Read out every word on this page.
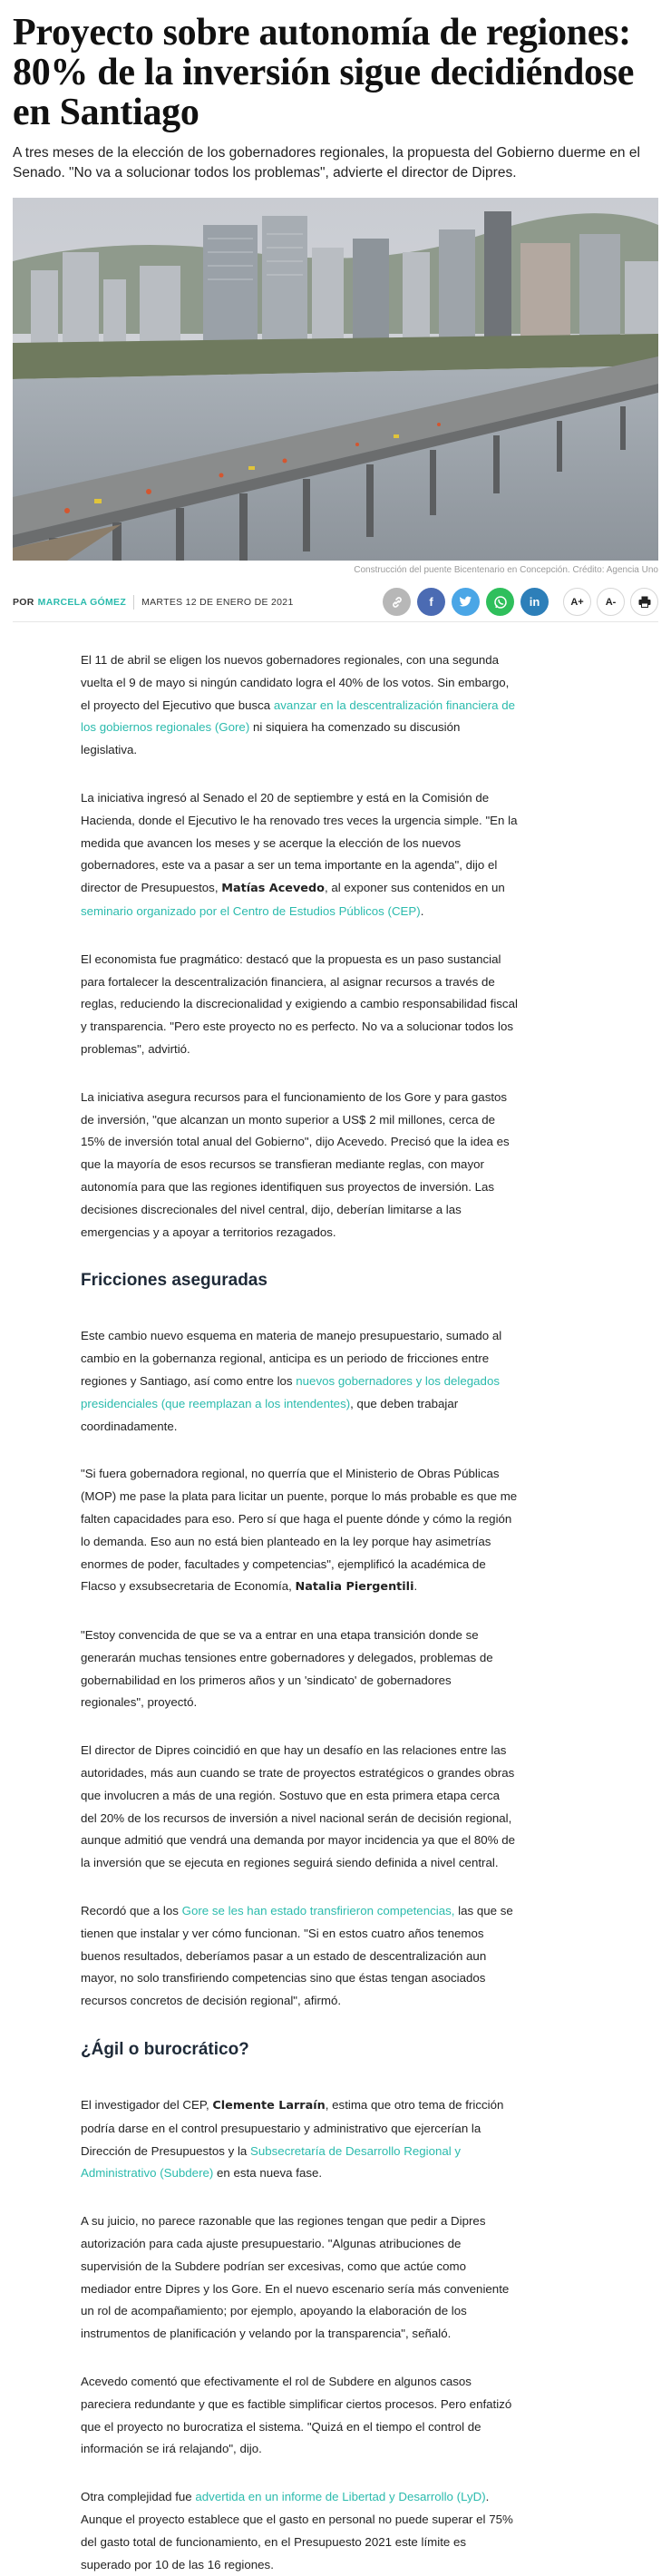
Proyecto sobre autonomía de regiones: 80% de la inversión sigue decidiéndose en Santiago

A tres meses de la elección de los gobernadores regionales, la propuesta del Gobierno duerme en el Senado. "No va a solucionar todos los problemas", advierte el director de Dipres.

Construcción del puente Bicentenario en Concepción. Crédito: Agencia Uno
POR MARCELA GÓMEZ MARTES 12 DE ENERO DE 2021	f	in	A+	A-

El 11 de abril se eligen los nuevos gobernadores regionales, con una segunda vuelta el 9 de mayo si ningún candidato logra el 40% de los votos. Sin embargo, el proyecto del Ejecutivo que busca avanzar en la descentralización financiera de los gobiernos regionales (Gore) ni siquiera ha comenzado su discusión legislativa.

La iniciativa ingresó al Senado el 20 de septiembre y está en la Comisión de Hacienda, donde el Ejecutivo le ha renovado tres veces la urgencia simple. "En la medida que avancen los meses y se acerque la elección de los nuevos gobernadores, este va a pasar a ser un tema importante en la agenda", dijo el director de Presupuestos, Matías Acevedo, al exponer sus contenidos en un seminario organizado por el Centro de Estudios Públicos (CEP).

El economista fue pragmático: destacó que la propuesta es un paso sustancial para fortalecer la descentralización financiera, al asignar recursos a través de reglas, reduciendo la discrecionalidad y exigiendo a cambio responsabilidad fiscal y transparencia. "Pero este proyecto no es perfecto. No va a solucionar todos los problemas", advirtió.

La iniciativa asegura recursos para el funcionamiento de los Gore y para gastos de inversión, "que alcanzan un monto superior a US$ 2 mil millones, cerca de 15% de inversión total anual del Gobierno", dijo Acevedo. Precisó que la idea es que la mayoría de esos recursos se transfieran mediante reglas, con mayor autonomía para que las regiones identifiquen sus proyectos de inversión. Las decisiones discrecionales del nivel central, dijo, deberían limitarse a las emergencias y a apoyar a territorios rezagados.

Fricciones aseguradas

Este cambio nuevo esquema en materia de manejo presupuestario, sumado al cambio en la gobernanza regional, anticipa es un periodo de fricciones entre regiones y Santiago, así como entre los nuevos gobernadores y los delegados presidenciales (que reemplazan a los intendentes), que deben trabajar coordinadamente.

"Si fuera gobernadora regional, no querría que el Ministerio de Obras Públicas (MOP) me pase la plata para licitar un puente, porque lo más probable es que me falten capacidades para eso. Pero sí que haga el puente dónde y cómo la región lo demanda. Eso aun no está bien planteado en la ley porque hay asimetrías enormes de poder, facultades y competencias", ejemplificó la académica de Flacso y exsubsecretaria de Economía, Natalia Piergentili.

"Estoy convencida de que se va a entrar en una etapa transición donde se generarán muchas tensiones entre gobernadores y delegados, problemas de gobernabilidad en los primeros años y un 'sindicato' de gobernadores regionales", proyectó.

El director de Dipres coincidió en que hay un desafío en las relaciones entre las autoridades, más aun cuando se trate de proyectos estratégicos o grandes obras que involucren a más de una región. Sostuvo que en esta primera etapa cerca del 20% de los recursos de inversión a nivel nacional serán de decisión regional, aunque admitió que vendrá una demanda por mayor incidencia ya que el 80% de la inversión que se ejecuta en regiones seguirá siendo definida a nivel central.

Recordó que a los Gore se les han estado transfirieron competencias, las que se tienen que instalar y ver cómo funcionan. "Si en estos cuatro años tenemos buenos resultados, deberíamos pasar a un estado de descentralización aun mayor, no solo transfiriendo competencias sino que éstas tengan asociados recursos concretos de decisión regional", afirmó.

¿Ágil o burocrático?

El investigador del CEP, Clemente Larraín, estima que otro tema de fricción podría darse en el control presupuestario y administrativo que ejercerían la Dirección de Presupuestos y la Subsecretaría de Desarrollo Regional y Administrativo (Subdere) en esta nueva fase.

A su juicio, no parece razonable que las regiones tengan que pedir a Dipres autorización para cada ajuste presupuestario. "Algunas atribuciones de supervisión de la Subdere podrían ser excesivas, como que actúe como mediador entre Dipres y los Gore. En el nuevo escenario sería más conveniente un rol de acompañamiento; por ejemplo, apoyando la elaboración de los instrumentos de planificación y velando por la transparencia", señaló.

Acevedo comentó que efectivamente el rol de Subdere en algunos casos pareciera redundante y que es factible simplificar ciertos procesos. Pero enfatizó que el proyecto no burocratiza el sistema. "Quizá en el tiempo el control de información se irá relajando", dijo.

Otra complejidad fue advertida en un informe de Libertad y Desarrollo (LyD). Aunque el proyecto establece que el gasto en personal no puede superar el 75% del gasto total de funcionamiento, en el Presupuesto 2021 este límite es superado por 10 de las 16 regiones.
